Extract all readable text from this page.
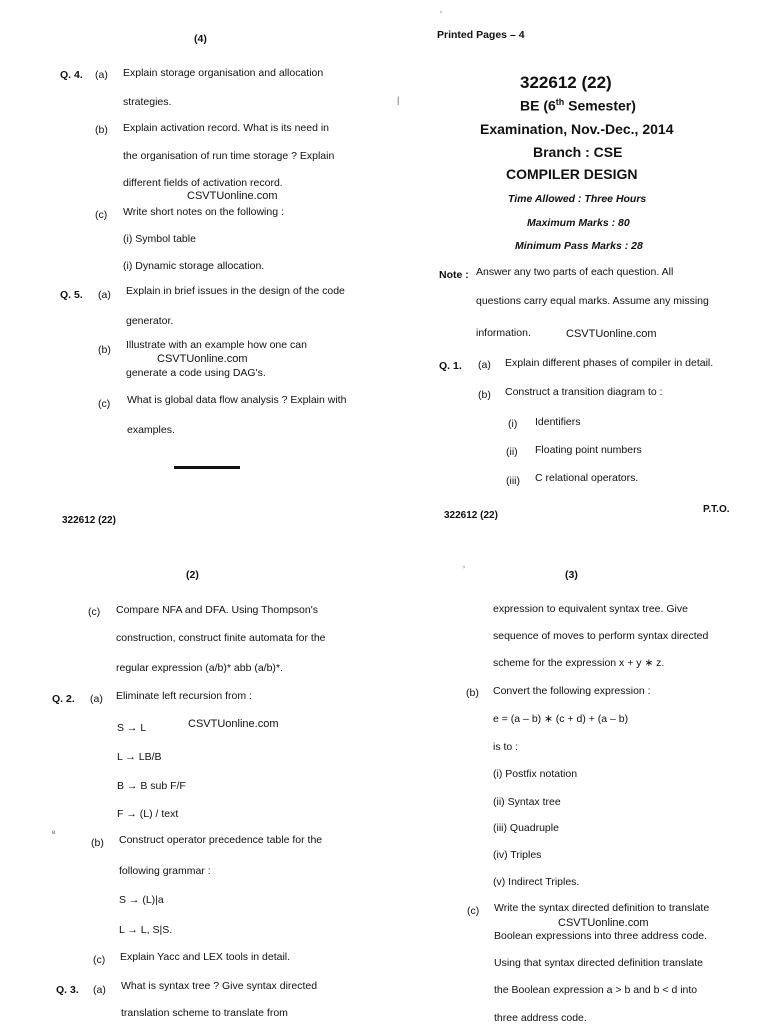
(4)
Q. 4. (a) Explain storage organisation and allocation
strategies.
(b) Explain activation record. What is its need in
the organisation of run time storage ? Explain
different fields of activation record.
CSVTUonline.com
(c) Write short notes on the following :
(i) Symbol table
(i) Dynamic storage allocation.
Q. 5. (a) Explain in brief issues in the design of the code
generator.
(b) Illustrate with an example how one can
CSVTUonline.com
generate a code using DAG's.
(c) What is global data flow analysis ? Explain with
examples.
322612 (22)
Printed Pages – 4
322612 (22)
BE (6th Semester)
Examination, Nov.-Dec., 2014
Branch : CSE
COMPILER DESIGN
Time Allowed : Three Hours
Maximum Marks : 80
Minimum Pass Marks : 28
Note : Answer any two parts of each question. All
questions carry equal marks. Assume any missing
information.	CSVTUonline.com
Q. 1. (a) Explain different phases of compiler in detail.
(b) Construct a transition diagram to :
(i) Identifiers
(ii) Floating point numbers
(iii) C relational operators.
322612 (22)
P.T.O.
(2)
(c) Compare NFA and DFA. Using Thompson's
construction, construct finite automata for the
regular expression (a/b)* abb (a/b)*.
Q. 2. (a) Eliminate left recursion from :
S → L	CSVTUonline.com
L → LB/B
B → B sub F/F
F → (L) / text
(b) Construct operator precedence table for the
following grammar :
S → (L)|a
L → L, S|S.
(c) Explain Yacc and LEX tools in detail.
Q. 3. (a) What is syntax tree ? Give syntax directed
translation scheme to translate from
(3)
expression to equivalent syntax tree. Give
sequence of moves to perform syntax directed
scheme for the expression x + y ∗ z.
(b) Convert the following expression :
e = (a – b) ∗ (c + d) + (a – b)
is to :
(i) Postfix notation
(ii) Syntax tree
(iii) Quadruple
(iv) Triples
(v) Indirect Triples.
(c) Write the syntax directed definition to translate
CSVTUonline.com
Boolean expressions into three address code.
Using that syntax directed definition translate
the Boolean expression a > b and b < d into
three address code.
ʼ
|
ʼ
ᵉ
